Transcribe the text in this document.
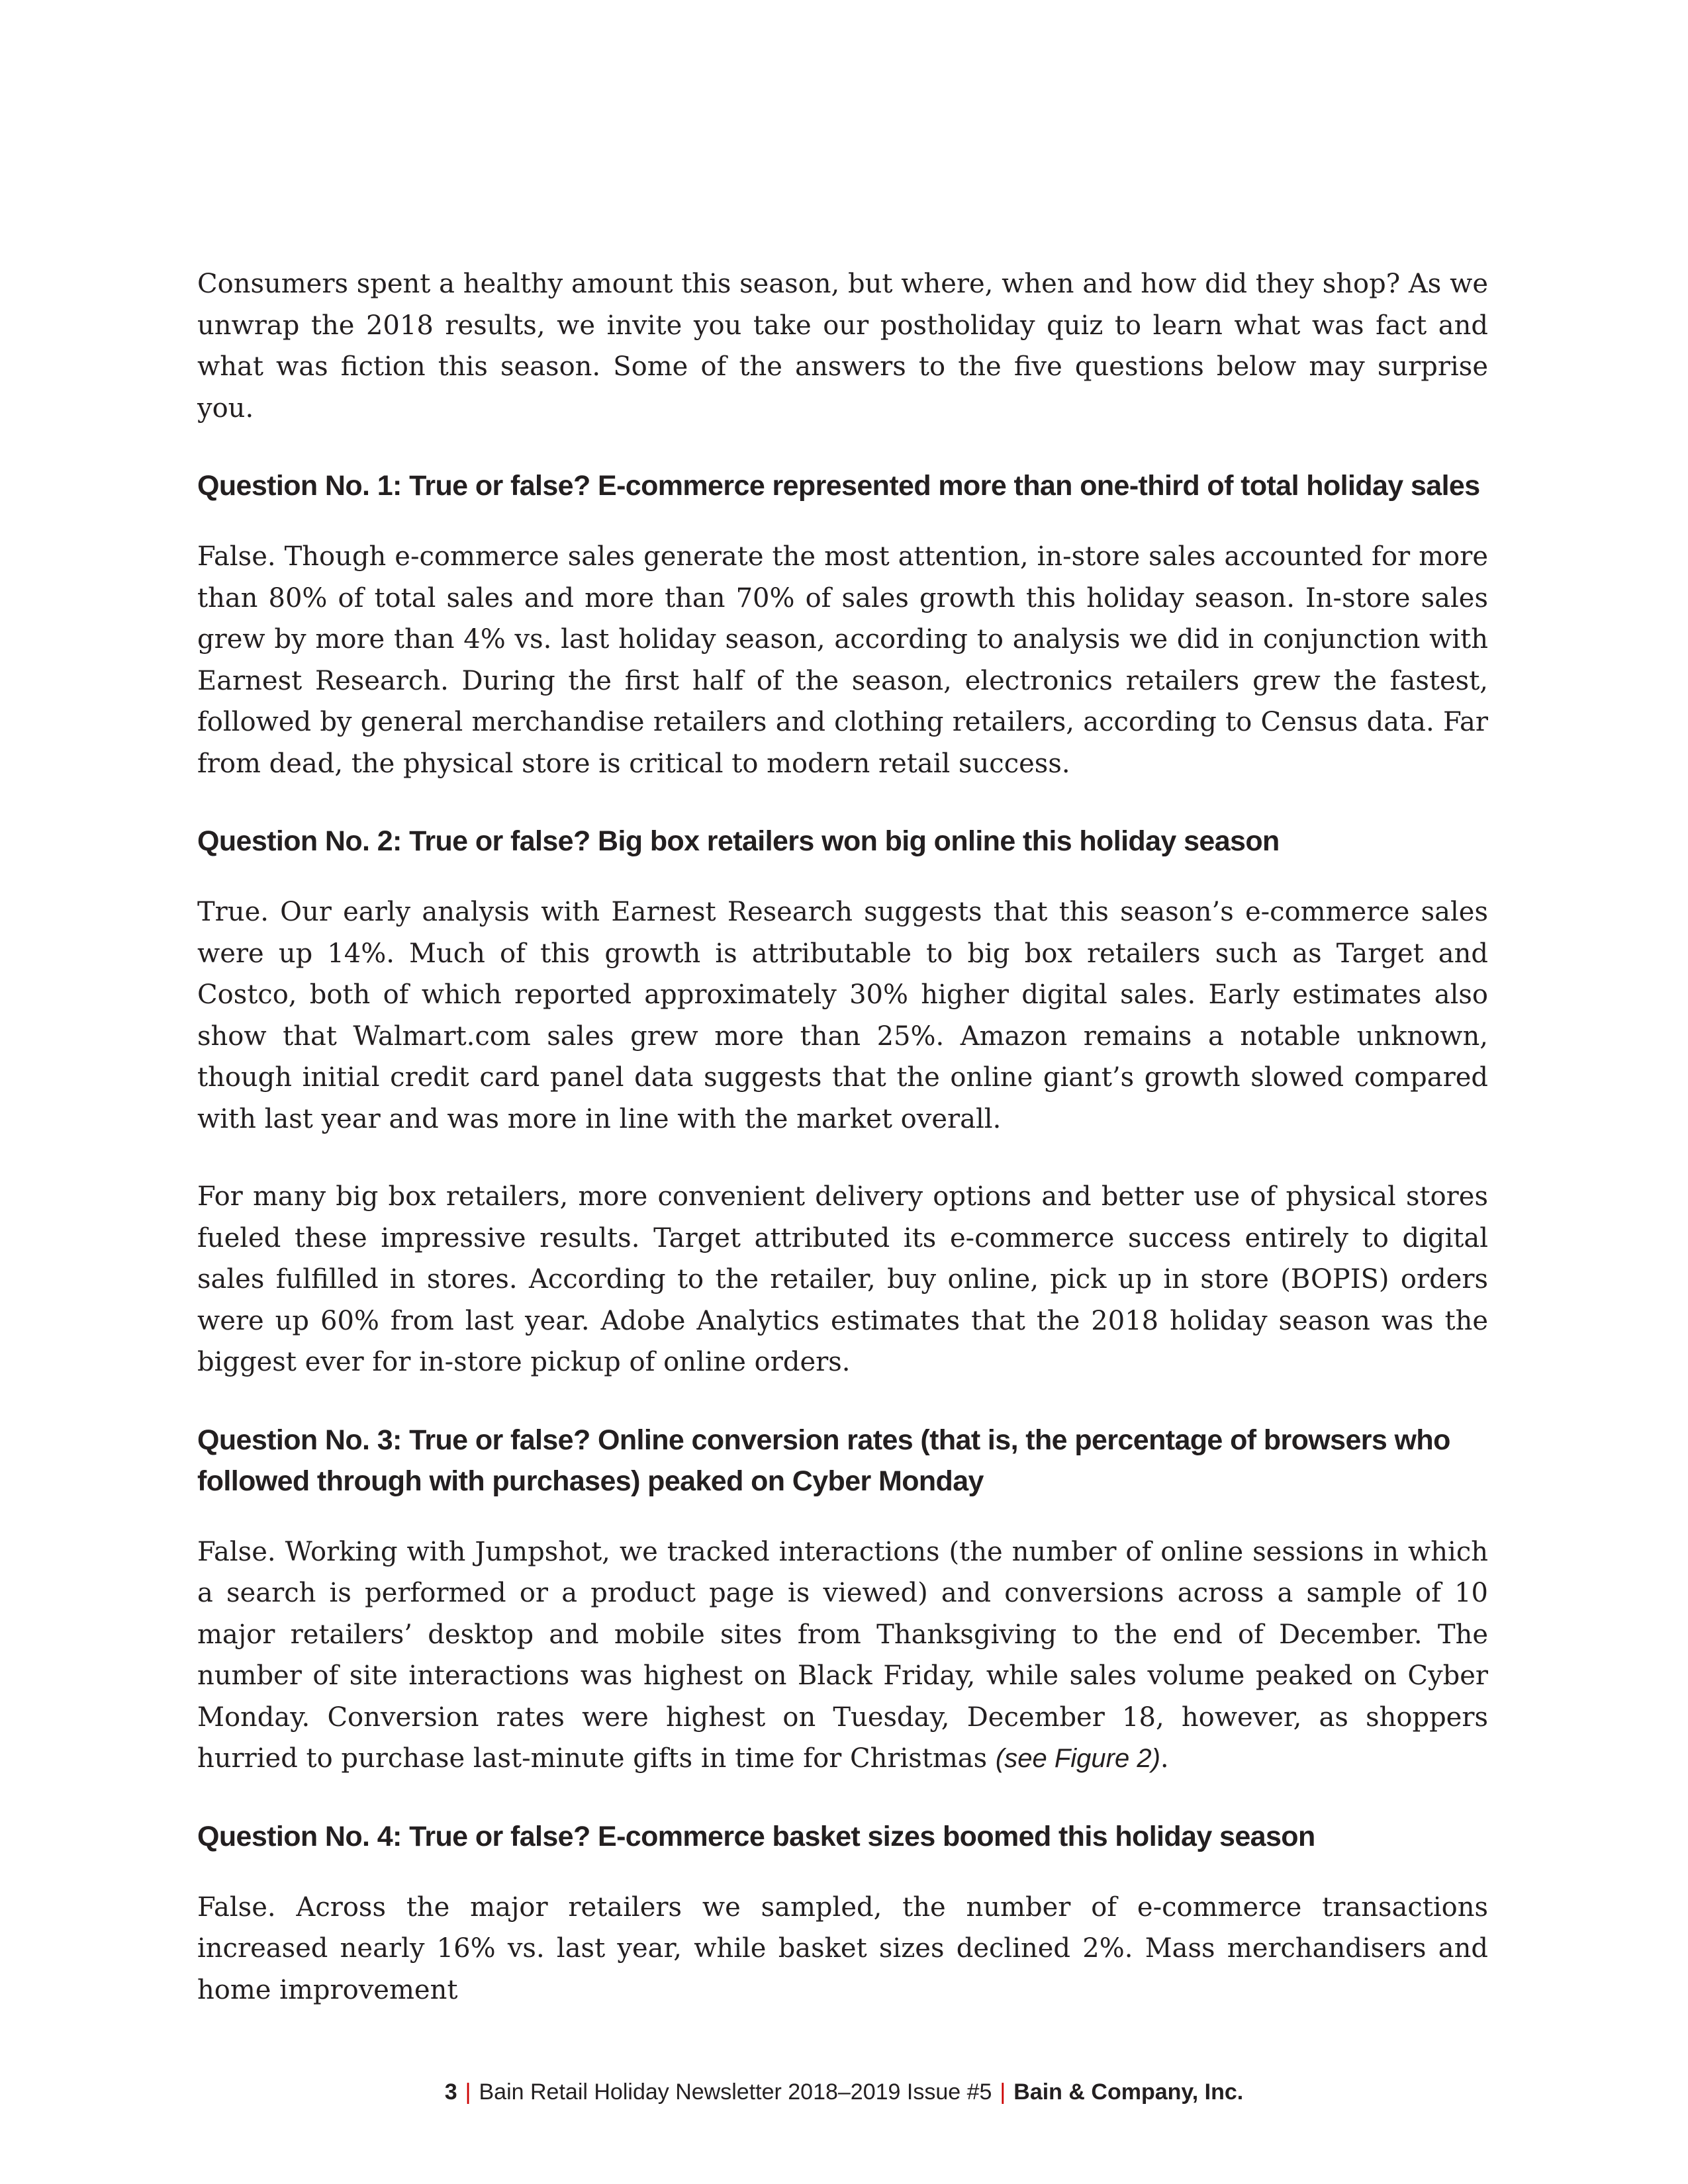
Consumers spent a healthy amount this season, but where, when and how did they shop? As we unwrap the 2018 results, we invite you take our postholiday quiz to learn what was fact and what was fiction this season. Some of the answers to the five questions below may surprise you.

Question No. 1: True or false? E-commerce represented more than one-third of total holiday sales

False. Though e-commerce sales generate the most attention, in-store sales accounted for more than 80% of total sales and more than 70% of sales growth this holiday season. In-store sales grew by more than 4% vs. last holiday season, according to analysis we did in conjunction with Earnest Research. During the first half of the season, electronics retailers grew the fastest, followed by general merchandise retailers and clothing retailers, according to Census data. Far from dead, the physical store is critical to modern retail success.

Question No. 2: True or false? Big box retailers won big online this holiday season

True. Our early analysis with Earnest Research suggests that this season’s e-commerce sales were up 14%. Much of this growth is attributable to big box retailers such as Target and Costco, both of which reported approximately 30% higher digital sales. Early estimates also show that Walmart.com sales grew more than 25%. Amazon remains a notable unknown, though initial credit card panel data suggests that the online giant’s growth slowed compared with last year and was more in line with the market overall.

For many big box retailers, more convenient delivery options and better use of physical stores fueled these impressive results. Target attributed its e-commerce success entirely to digital sales fulfilled in stores. According to the retailer, buy online, pick up in store (BOPIS) orders were up 60% from last year. Adobe Analytics estimates that the 2018 holiday season was the biggest ever for in-store pickup of online orders.

Question No. 3: True or false? Online conversion rates (that is, the percentage of browsers who followed through with purchases) peaked on Cyber Monday

False. Working with Jumpshot, we tracked interactions (the number of online sessions in which a search is performed or a product page is viewed) and conversions across a sample of 10 major retailers’ desktop and mobile sites from Thanksgiving to the end of December. The number of site interactions was highest on Black Friday, while sales volume peaked on Cyber Monday. Conversion rates were highest on Tuesday, December 18, however, as shoppers hurried to purchase last-minute gifts in time for Christmas (see Figure 2).

Question No. 4: True or false? E-commerce basket sizes boomed this holiday season

False. Across the major retailers we sampled, the number of e-commerce transactions increased nearly 16% vs. last year, while basket sizes declined 2%. Mass merchandisers and home improvement

3 | Bain Retail Holiday Newsletter 2018–2019 Issue #5 | Bain & Company, Inc.
